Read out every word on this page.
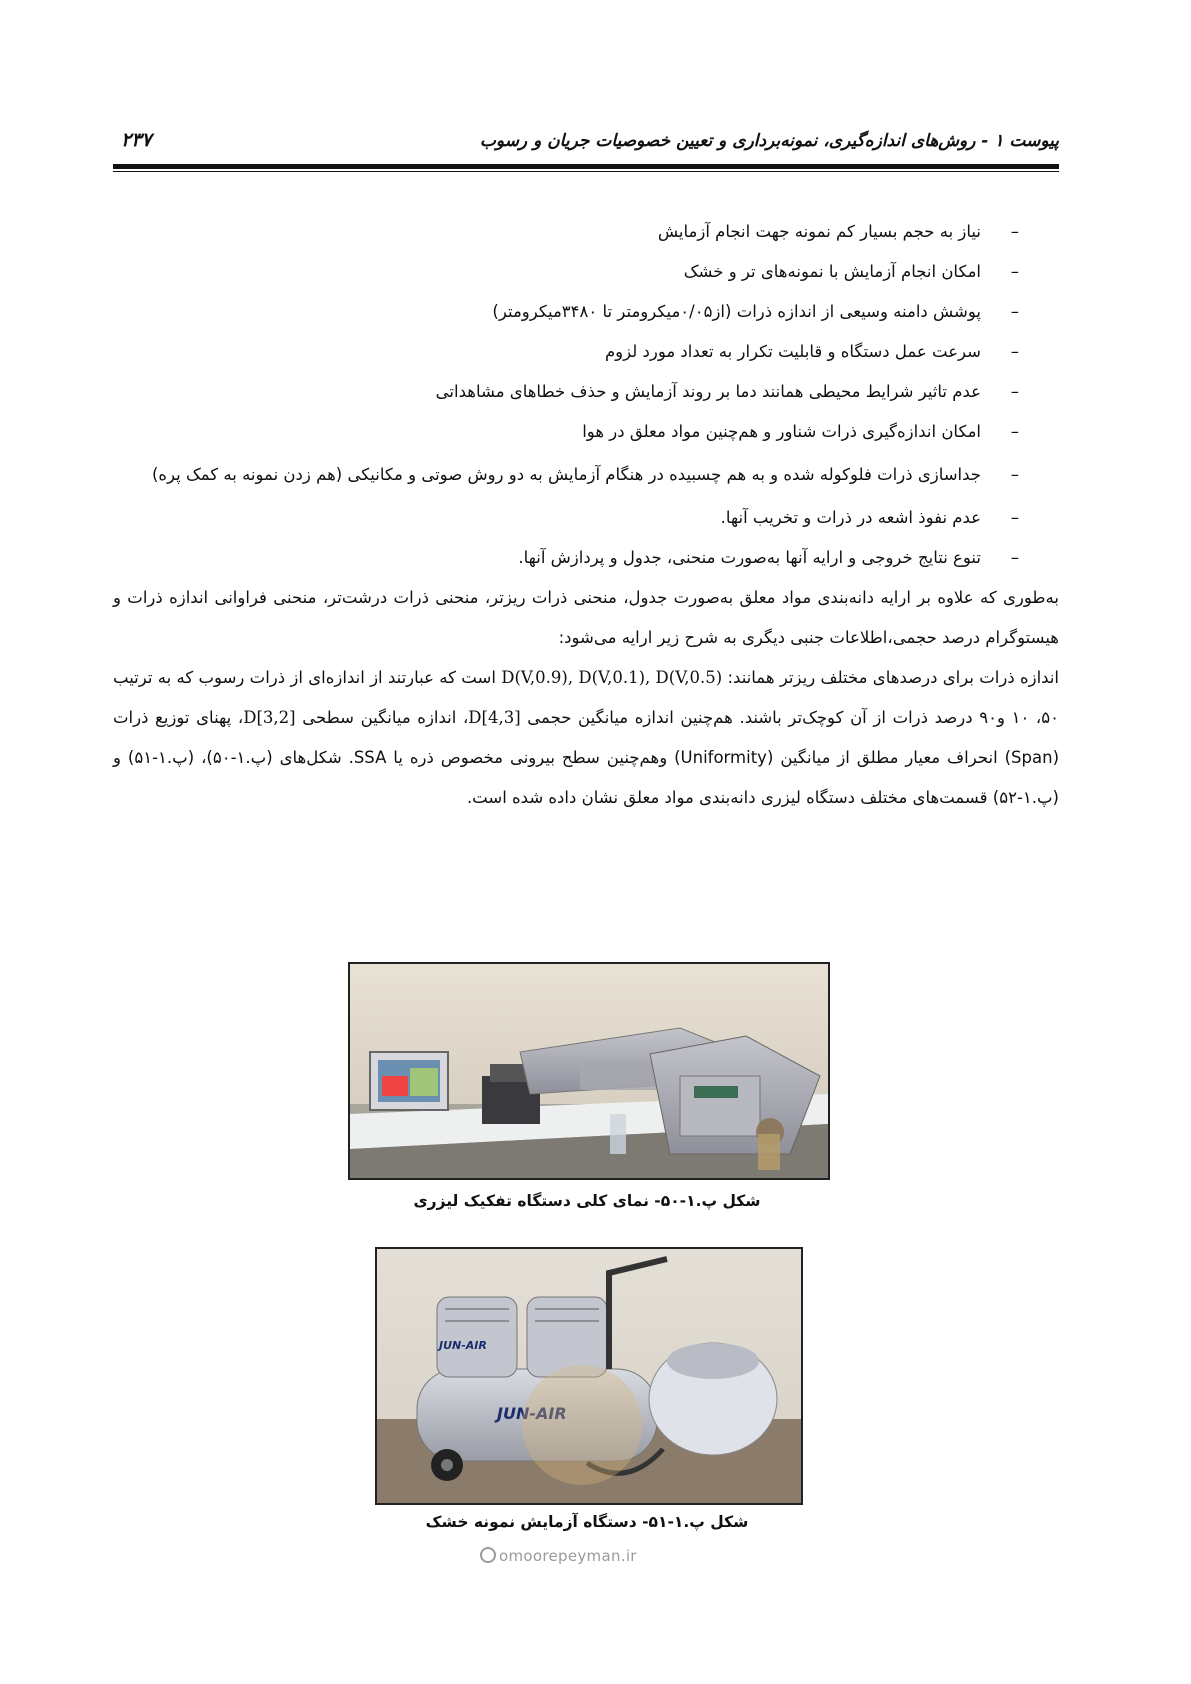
پیوست ۱ - روش‌های اندازه‌گیری، نمونه‌برداری و تعیین خصوصیات جریان و رسوب
۲۳۷
–
نیاز به حجم بسیار کم نمونه جهت انجام آزمایش
–
امکان انجام آزمایش با نمونه‌های تر و خشک
–
پوشش دامنه وسیعی از اندازه ذرات (از۰/۰۵میکرومتر تا ۳۴۸۰میکرومتر)
–
سرعت عمل دستگاه و قابلیت تکرار به تعداد مورد لزوم
–
عدم تاثیر شرایط محیطی همانند دما بر روند آزمایش و حذف خطاهای مشاهداتی
–
امکان اندازه‌گیری ذرات شناور و هم‌چنین مواد معلق در هوا
–
جداسازی ذرات فلوکوله شده و به هم چسبیده در هنگام آزمایش به دو روش صوتی و مکانیکی (هم زدن نمونه به کمک پره)
–
عدم نفوذ اشعه در ذرات و تخریب آنها.
–
تنوع نتایج خروجی و ارایه آنها به‌صورت منحنی، جدول و پردازش آنها.

به‌طوری که علاوه بر ارایه دانه‌بندی مواد معلق به‌صورت جدول، منحنی ذرات ریزتر، منحنی ذرات درشت‌تر، منحنی فراوانی اندازه ذرات و هیستوگرام درصد حجمی،اطلاعات جنبی دیگری به شرح زیر ارایه می‌شود:

اندازه ذرات برای درصدهای مختلف ریزتر همانند: D(V,0.9), D(V,0.1), D(V,0.5) است که عبارتند از اندازه‌ای از ذرات رسوب که به ترتیب ۵۰، ۱۰ و۹۰ درصد ذرات از آن کوچک‌تر باشند. هم‌چنین اندازه میانگین حجمی D[4,3]، اندازه میانگین سطحی D[3,2]، پهنای توزیع ذرات (Span) انحراف معیار مطلق از میانگین (Uniformity) وهم‌چنین سطح بیرونی مخصوص ذره یا SSA. شکل‌های (پ.۱-۵۰)، (پ.۱-۵۱) و (پ.۱-۵۲) قسمت‌های مختلف دستگاه لیزری دانه‌بندی مواد معلق نشان داده شده است.

شکل پ.۱-۵۰- نمای کلی دستگاه تفکیک لیزری
JUN-AIR
JUN-AIR
شکل پ.۱-۵۱- دستگاه آزمایش نمونه خشک
omoorepeyman.ir
